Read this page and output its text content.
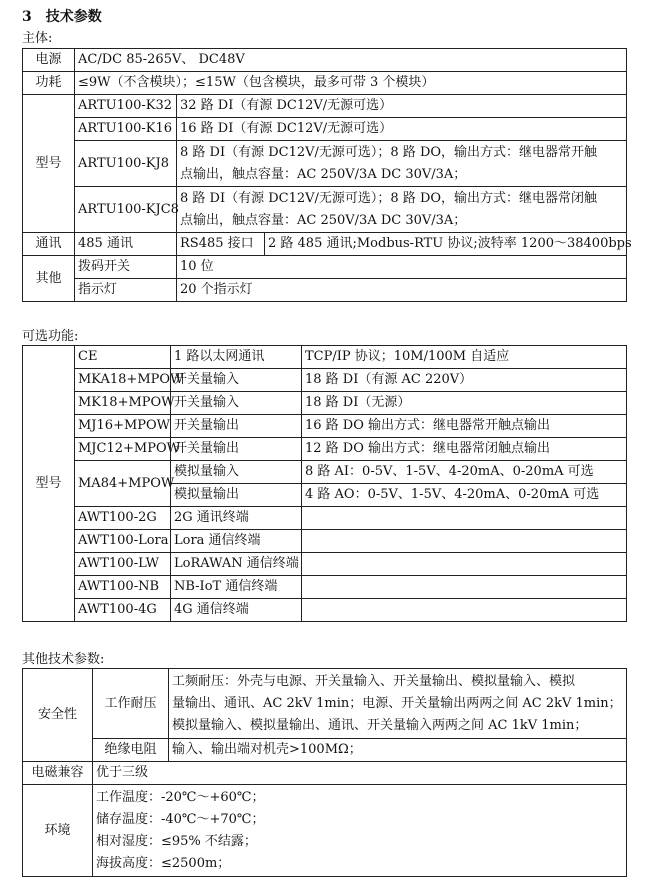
3 技术参数
主体:
电源	AC/DC 85-265V、 DC48V		
功耗	≤9W（不含模块）；≤15W（包含模块，最多可带 3 个模块）		
型号	ARTU100-K32	32 路 DI（有源 DC12V/无源可选）	
	ARTU100-K16	16 路 DI（有源 DC12V/无源可选）	
	ARTU100-KJ8	8 路 DI（有源 DC12V/无源可选）；8 路 DO，输出方式：继电器常开触
点输出，触点容量：AC 250V/3A DC 30V/3A；	

	ARTU100-KJC8	8 路 DI（有源 DC12V/无源可选）；8 路 DO，输出方式：继电器常闭触
点输出，触点容量：AC 250V/3A DC 30V/3A；	

通讯	485 通讯	RS485 接口	2 路 485 通讯;Modbus-RTU 协议;波特率 1200～38400bps
其他	拨码开关	10 位	
	指示灯	20 个指示灯	
可选功能:
型号	CE	1 路以太网通讯	TCP/IP 协议；10M/100M 自适应
	MKA18+MPOW	开关量输入	18 路 DI（有源 AC 220V）
	MK18+MPOW	开关量输入	18 路 DI（无源）
	MJ16+MPOW	开关量输出	16 路 DO 输出方式：继电器常开触点输出
	MJC12+MPOW	开关量输出	12 路 DO 输出方式：继电器常闭触点输出
	MA84+MPOW	模拟量输入	8 路 AI：0-5V、1-5V、4-20mA、0-20mA 可选
		模拟量输出	4 路 AO：0-5V、1-5V、4-20mA、0-20mA 可选
	AWT100-2G	2G 通讯终端	
	AWT100-Lora	Lora 通信终端	
	AWT100-LW	LoRAWAN 通信终端	
	AWT100-NB	NB-IoT 通信终端	
	AWT100-4G	4G 通信终端	
其他技术参数:
安全性	工作耐压	工频耐压：外壳与电源、开关量输入、开关量输出、模拟量输入、模拟
量输出、通讯、AC 2kV 1min；电源、开关量输出两两之间 AC 2kV 1min；
模拟量输入、模拟量输出、通讯、开关量输入两两之间 AC 1kV 1min；

	绝缘电阻	输入、输出端对机壳>100MΩ；
电磁兼容	优于三级	
环境	工作温度：-20℃～+60℃；
储存温度：-40℃～+70℃；
相对湿度：≤95% 不结露；
海拔高度：≤2500m；	
